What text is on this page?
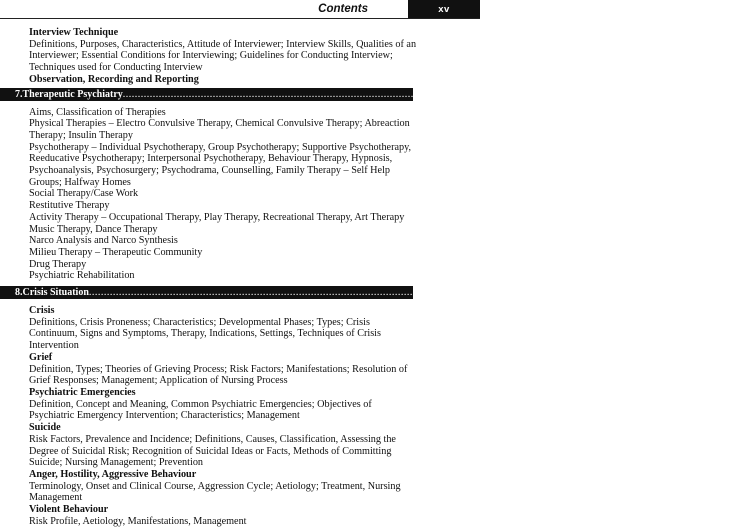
Contents	xv
Interview Technique
Definitions, Purposes, Characteristics, Attitude of Interviewer; Interview Skills, Qualities of an
Interviewer; Essential Conditions for Interviewing; Guidelines for Conducting Interview;
Techniques used for Conducting Interview
Observation, Recording and Reporting
7. Therapeutic Psychiatry ........................................................................................................................................................................................................ 223
Aims, Classification of Therapies
Physical Therapies – Electro Convulsive Therapy, Chemical Convulsive Therapy; Abreaction
Therapy; Insulin Therapy
Psychotherapy – Individual Psychotherapy, Group Psychotherapy; Supportive Psychotherapy,
Reeducative Psychotherapy; Interpersonal Psychotherapy, Behaviour Therapy, Hypnosis,
Psychoanalysis, Psychosurgery; Psychodrama, Counselling, Family Therapy – Self Help
Groups; Halfway Homes
Social Therapy/Case Work
Restitutive Therapy
Activity Therapy – Occupational Therapy, Play Therapy, Recreational Therapy, Art Therapy
Music Therapy, Dance Therapy
Narco Analysis and Narco Synthesis
Milieu Therapy – Therapeutic Community
Drug Therapy
Psychiatric Rehabilitation
8. Crisis Situation ........................................................................................................................................................................................................ 304
Crisis
Definitions, Crisis Proneness; Characteristics; Developmental Phases; Types; Crisis
Continuum, Signs and Symptoms, Therapy, Indications, Settings, Techniques of Crisis
Intervention
Grief
Definition, Types; Theories of Grieving Process; Risk Factors; Manifestations; Resolution of
Grief Responses; Management; Application of Nursing Process
Psychiatric Emergencies
Definition, Concept and Meaning, Common Psychiatric Emergencies; Objectives of
Psychiatric Emergency Intervention; Characteristics; Management
Suicide
Risk Factors, Prevalence and Incidence; Definitions, Causes, Classification, Assessing the
Degree of Suicidal Risk; Recognition of Suicidal Ideas or Facts, Methods of Committing
Suicide; Nursing Management; Prevention
Anger, Hostility, Aggressive Behaviour
Terminology, Onset and Clinical Course, Aggression Cycle; Aetiology; Treatment, Nursing
Management
Violent Behaviour
Risk Profile, Aetiology, Manifestations, Management
